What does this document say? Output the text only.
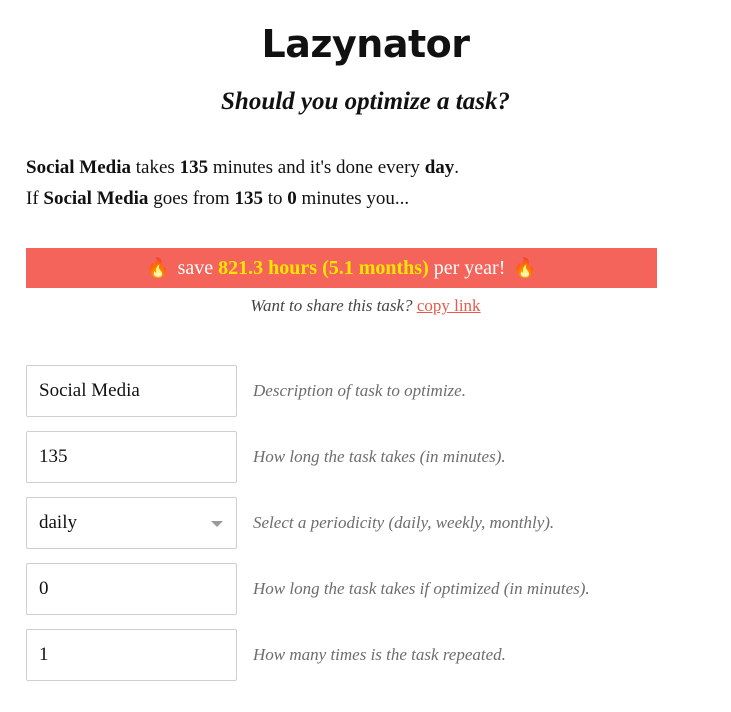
Lazynator
Should you optimize a task?

Social Media takes 135 minutes and it's done every day.
If Social Media goes from 135 to 0 minutes you...

🔥 save 821.3 hours (5.1 months) per year! 🔥
Want to share this task? copy link
Social Media
Description of task to optimize.
135
How long the task takes (in minutes).
daily	Select a periodicity (daily, weekly, monthly).
0
How long the task takes if optimized (in minutes).
1
How many times is the task repeated.
